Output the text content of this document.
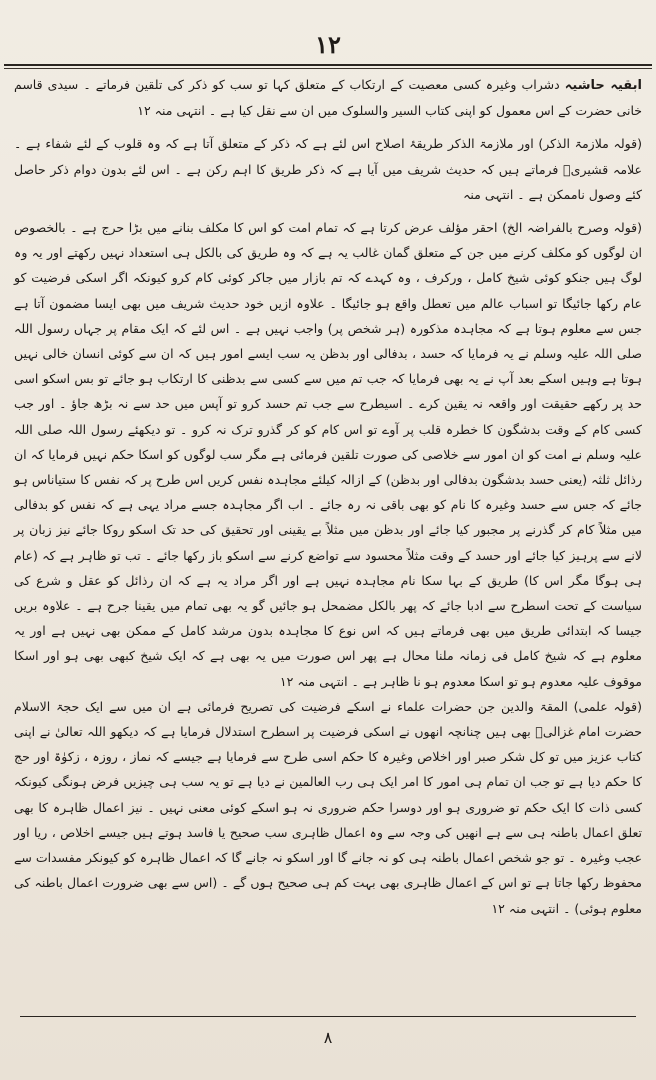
۱۲

ابقیہ حاشیہ دشراب وغیرہ کسی معصیت کے ارتکاب کے متعلق کہا تو سب کو ذکر کی تلقین فرماتے ۔ سیدی قاسم خانی حضرت کے اس معمول کو اپنی کتاب السیر والسلوک میں ان سے نقل کیا ہے ۔ انتہی منہ ۱۲

(قولہ ملازمۃ الذکر) اور ملازمۃ الذکر طریقۂ اصلاح اس لئے ہے کہ ذکر کے متعلق آتا ہے کہ وہ قلوب کے لئے شفاء ہے ۔ علامہ قشیریؒ فرماتے ہیں کہ حدیث شریف میں آیا ہے کہ ذکر طریق کا اہم رکن ہے ۔ اس لئے بدون دوام ذکر حاصل کئے وصول ناممکن ہے ۔ انتہی منہ

(قولہ وصرح بالفراضہ الخ) احقر مؤلف عرض کرتا ہے کہ تمام امت کو اس کا مکلف بنانے میں بڑا حرج ہے ۔ بالخصوص ان لوگوں کو مکلف کرنے میں جن کے متعلق گمان غالب یہ ہے کہ وہ طریق کی بالکل ہی استعداد نہیں رکھتے اور یہ وہ لوگ ہیں جنکو کوئی شیخ کامل ، ورکرف ، وہ کہدے کہ تم بازار میں جاکر کوئی کام کرو کیونکہ اگر اسکی فرضیت کو عام رکھا جائیگا تو اسباب عالم میں تعطل واقع ہو جائیگا ۔ علاوہ ازیں خود حدیث شریف میں بھی ایسا مضمون آتا ہے جس سے معلوم ہوتا ہے کہ مجاہدہ مذکورہ (ہر شخص پر) واجب نہیں ہے ۔ اس لئے کہ ایک مقام پر جہاں رسول اللہ صلی اللہ علیہ وسلم نے یہ فرمایا کہ حسد ، بدفالی اور بدظن یہ سب ایسے امور ہیں کہ ان سے کوئی انسان خالی نہیں ہوتا ہے وہیں اسکے بعد آپ نے یہ بھی فرمایا کہ جب تم میں سے کسی سے بدظنی کا ارتکاب ہو جائے تو بس اسکو اسی حد پر رکھے حقیقت اور واقعہ نہ یقین کرے ۔ اسیطرح سے جب تم حسد کرو تو آپس میں حد سے نہ بڑھ جاؤ ۔ اور جب کسی کام کے وقت بدشگون کا خطرہ قلب پر آوے تو اس کام کو کر گذرو ترک نہ کرو ۔ تو دیکھئے رسول اللہ صلی اللہ علیہ وسلم نے امت کو ان امور سے خلاصی کی صورت تلقین فرمائی ہے مگر سب لوگوں کو اسکا حکم نہیں فرمایا کہ ان رذائل ثلثہ (یعنی حسد بدشگون بدفالی اور بدظن) کے ازالہ کیلئے مجاہدہ نفس کریں اس طرح پر کہ نفس کا ستیاناس ہو جائے کہ جس سے حسد وغیرہ کا نام کو بھی باقی نہ رہ جائے ۔ اب اگر مجاہدہ جسے مراد یہی ہے کہ نفس کو بدفالی میں مثلاً کام کر گذرنے پر مجبور کیا جائے اور بدظن میں مثلاً بے یقینی اور تحقیق کی حد تک اسکو روکا جائے نیز زبان پر لانے سے پرہیز کیا جائے اور حسد کے وقت مثلاً محسود سے تواضع کرنے سے اسکو باز رکھا جائے ۔ تب تو ظاہر ہے کہ (عام ہی ہوگا مگر اس کا) طریق کے بہا سکا نام مجاہدہ نہیں ہے اور اگر مراد یہ ہے کہ ان رذائل کو عقل و شرع کی سیاست کے تحت اسطرح سے ادبا جائے کہ پھر بالکل مضمحل ہو جائیں گو یہ بھی تمام میں یقینا جرح ہے ۔ علاوہ بریں جیسا کہ ابتدائی طریق میں بھی فرماتے ہیں کہ اس نوع کا مجاہدہ بدون مرشد کامل کے ممکن بھی نہیں ہے اور یہ معلوم ہے کہ شیخ کامل فی زمانہ ملنا محال ہے پھر اس صورت میں یہ بھی ہے کہ ایک شیخ کبھی بھی ہو اور اسکا موقوف علیہ معدوم ہو تو اسکا معدوم ہو نا ظاہر ہے ۔ انتہی منہ ۱۲

(قولہ علمی) المقۃ والدین جن حضرات علماء نے اسکے فرضیت کی تصریح فرمائی ہے ان میں سے ایک حجۃ الاسلام حضرت امام غزالیؒ بھی ہیں چنانچہ انھوں نے اسکی فرضیت پر اسطرح استدلال فرمایا ہے کہ دیکھو اللہ تعالیٰ نے اپنی کتاب عزیز میں تو کل شکر صبر اور اخلاص وغیرہ کا حکم اسی طرح سے فرمایا ہے جیسے کہ نماز ، روزہ ، زکوٰۃ اور حج کا حکم دیا ہے تو جب ان تمام ہی امور کا امر ایک ہی رب العالمین نے دیا ہے تو یہ سب ہی چیزیں فرض ہونگی کیونکہ کسی ذات کا ایک حکم تو ضروری ہو اور دوسرا حکم ضروری نہ ہو اسکے کوئی معنی نہیں ۔ نیز اعمال ظاہرہ کا بھی تعلق اعمال باطنہ ہی سے ہے انھیں کی وجہ سے وہ اعمال ظاہری سب صحیح یا فاسد ہوتے ہیں جیسے اخلاص ، ریا اور عجب وغیرہ ۔ تو جو شخص اعمال باطنہ ہی کو نہ جانے گا اور اسکو نہ جانے گا کہ اعمال ظاہرہ کو کیونکر مفسدات سے محفوظ رکھا جاتا ہے تو اس کے اعمال ظاہری بھی بہت کم ہی صحیح ہوں گے ۔ (اس سے بھی ضرورت اعمال باطنہ کی معلوم ہوئی) ۔ انتہی منہ ۱۲

۸
